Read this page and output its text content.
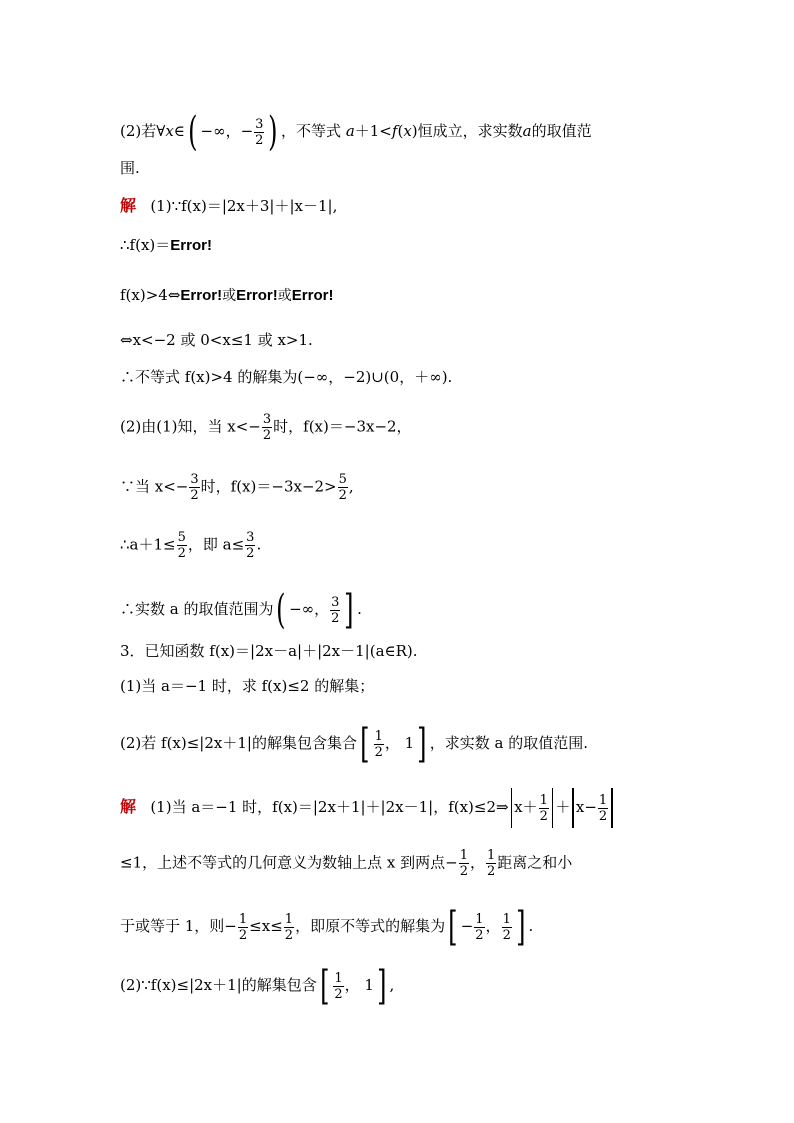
(2)若∀x∈( −∞，− $\frac{3}{2}$ ) ，不等式 a＋1<f(x)恒成立，求实数a的取值范
围.
解 (1)∵f(x)＝|2x＋3|＋|x－1|,
∴f(x)＝Error!
f(x)>4⇔Error!或Error!或Error!
⇔x<−2 或 0<x≤1 或 x>1.
∴不等式 f(x)>4 的解集为(−∞，−2)∪(0，＋∞).
(2)由(1)知，当 $x<- \frac{3}{2}$ 时，f(x)＝−3x−2，
∵当 $x<- \frac{3}{2}$ 时，$f(x)=-3x-2> \frac{5}{2}$ ,
∴a＋1≤ $\frac{5}{2}$ ，即 $a\le \frac{3}{2}$ .
∴实数 a 的取值范围为( −∞， $\frac{3}{2}$ ] .
3．已知函数 f(x)＝|2x－a|＋|2x－1|(a∈R).
(1)当 a＝−1 时，求 f(x)≤2 的解集；
(2)若 f(x)≤|2x＋1|的解集包含集合[ $\frac{1}{2}$ ， 1] ，求实数 a 的取值范围.
解 (1)当 a＝−1 时，f(x)＝|2x＋1|＋|2x－1|，f(x)≤2⇒ $x+ \frac{1}{2} + x- \frac{1}{2}$
≤1，上述不等式的几何意义为数轴上点 x 到两点− $\frac{1}{2}$ ， $\frac{1}{2}$ 距离之和小
于或等于 1，则− $\frac{1}{2} \le x\le \frac{1}{2}$ ，即原不等式的解集为[ − $\frac{1}{2}$ ， $\frac{1}{2}$ ] .
(2)∵f(x)≤|2x＋1|的解集包含[ $\frac{1}{2}$ ， 1] ,
